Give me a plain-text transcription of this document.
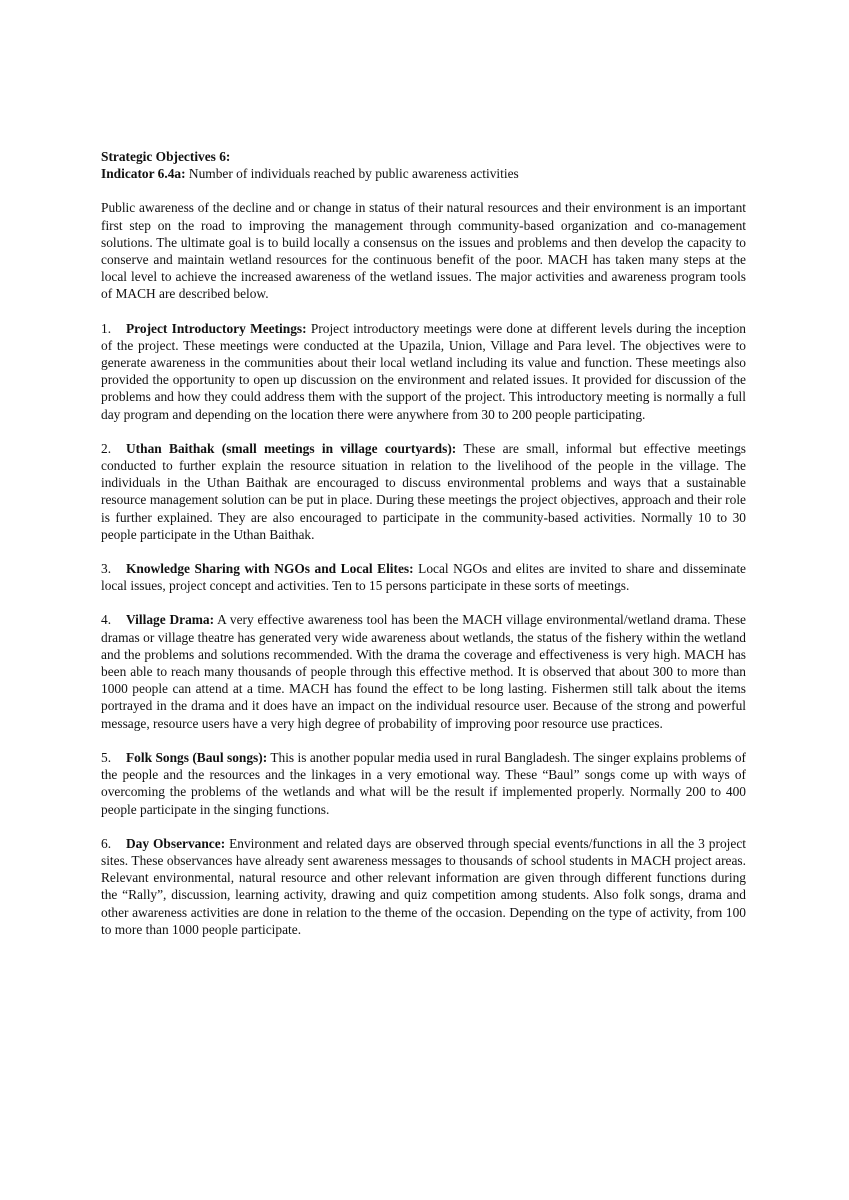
Strategic Objectives 6:
Indicator 6.4a: Number of individuals reached by public awareness activities

Public awareness of the decline and or change in status of their natural resources and their environment is an important first step on the road to improving the management through community-based organization and co-management solutions. The ultimate goal is to build locally a consensus on the issues and problems and then develop the capacity to conserve and maintain wetland resources for the continuous benefit of the poor. MACH has taken many steps at the local level to achieve the increased awareness of the wetland issues. The major activities and awareness program tools of MACH are described below.

1. Project Introductory Meetings: Project introductory meetings were done at different levels during the inception of the project. These meetings were conducted at the Upazila, Union, Village and Para level. The objectives were to generate awareness in the communities about their local wetland including its value and function. These meetings also provided the opportunity to open up discussion on the environment and related issues. It provided for discussion of the problems and how they could address them with the support of the project. This introductory meeting is normally a full day program and depending on the location there were anywhere from 30 to 200 people participating.

2. Uthan Baithak (small meetings in village courtyards): These are small, informal but effective meetings conducted to further explain the resource situation in relation to the livelihood of the people in the village. The individuals in the Uthan Baithak are encouraged to discuss environmental problems and ways that a sustainable resource management solution can be put in place. During these meetings the project objectives, approach and their role is further explained. They are also encouraged to participate in the community-based activities. Normally 10 to 30 people participate in the Uthan Baithak.

3. Knowledge Sharing with NGOs and Local Elites: Local NGOs and elites are invited to share and disseminate local issues, project concept and activities. Ten to 15 persons participate in these sorts of meetings.

4. Village Drama: A very effective awareness tool has been the MACH village environmental/wetland drama. These dramas or village theatre has generated very wide awareness about wetlands, the status of the fishery within the wetland and the problems and solutions recommended. With the drama the coverage and effectiveness is very high. MACH has been able to reach many thousands of people through this effective method. It is observed that about 300 to more than 1000 people can attend at a time. MACH has found the effect to be long lasting. Fishermen still talk about the items portrayed in the drama and it does have an impact on the individual resource user. Because of the strong and powerful message, resource users have a very high degree of probability of improving poor resource use practices.

5. Folk Songs (Baul songs): This is another popular media used in rural Bangladesh. The singer explains problems of the people and the resources and the linkages in a very emotional way. These “Baul” songs come up with ways of overcoming the problems of the wetlands and what will be the result if implemented properly. Normally 200 to 400 people participate in the singing functions.

6. Day Observance: Environment and related days are observed through special events/functions in all the 3 project sites. These observances have already sent awareness messages to thousands of school students in MACH project areas. Relevant environmental, natural resource and other relevant information are given through different functions during the “Rally”, discussion, learning activity, drawing and quiz competition among students. Also folk songs, drama and other awareness activities are done in relation to the theme of the occasion. Depending on the type of activity, from 100 to more than 1000 people participate.
